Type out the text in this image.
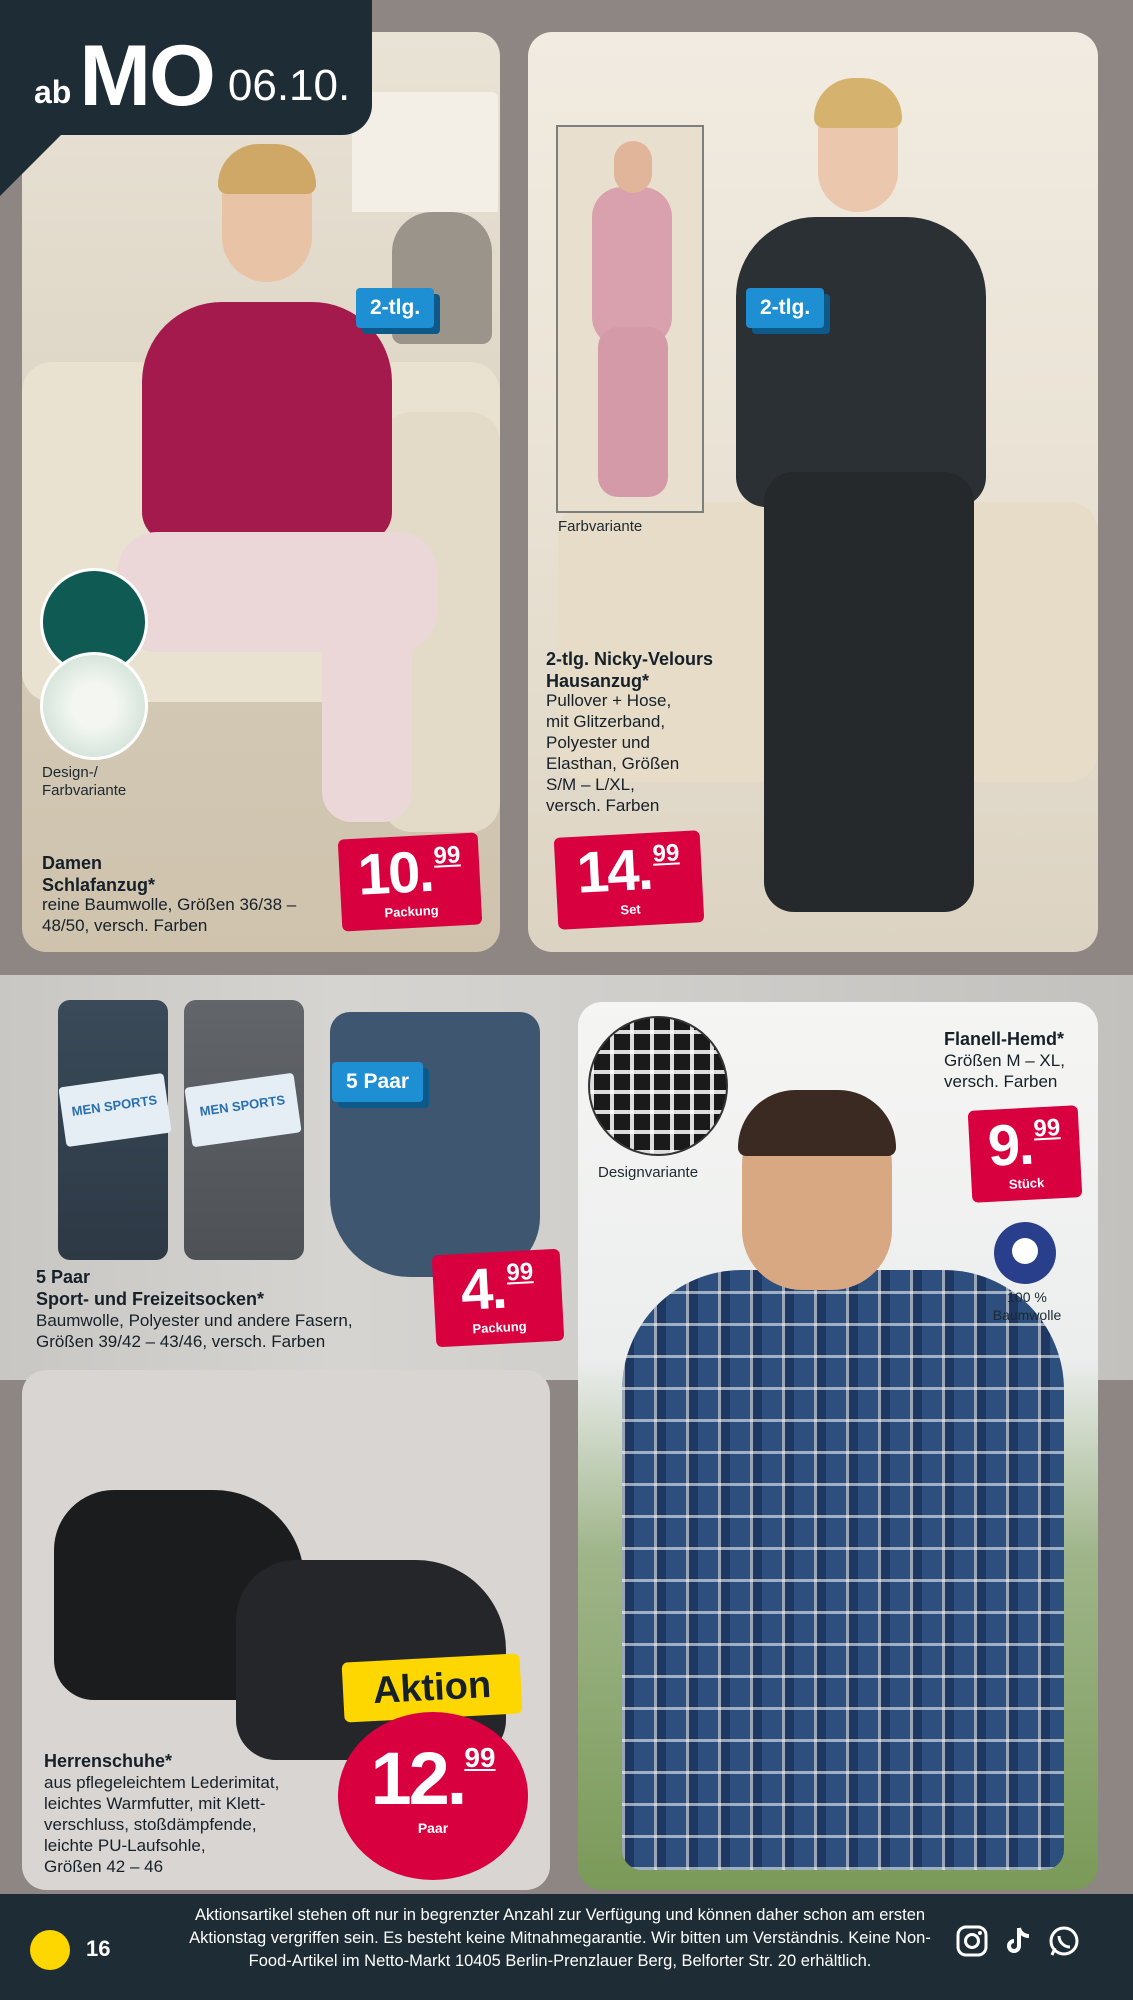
Design-/
Farbvariante
2-tlg.
Damen
Schlafanzug*
reine Baumwolle, Größen 36/38 –
48/50, versch. Farben
10.99
Packung
Farbvariante
2-tlg.
2-tlg. Nicky-Velours
Hausanzug*
Pullover + Hose,
mit Glitzerband,
Polyester und
Elasthan, Größen
S/M – L/XL,
versch. Farben
14.99
Set
MEN SPORTS	MEN SPORTS
5 Paar
5 Paar
Sport- und Freizeitsocken*
Baumwolle, Polyester und andere Fasern,
Größen 39/42 – 43/46, versch. Farben
4.99
Packung
Aktion
12.99
Paar
Herrenschuhe*
aus pflegeleichtem Lederimitat,
leichtes Warmfutter, mit Klett-
verschluss, stoßdämpfende,
leichte PU-Laufsohle,
Größen 42 – 46
Designvariante
Flanell-Hemd*
Größen M – XL,
versch. Farben
9.99
Stück
100 %
Baumwolle
ab MO 06.10.
16
Aktionsartikel stehen oft nur in begrenzter Anzahl zur Verfügung und können daher schon am ersten Aktionstag vergriffen sein. Es besteht keine Mitnahmegarantie. Wir bitten um Verständnis. Keine Non-Food-Artikel im Netto-Markt 10405 Berlin-Prenzlauer Berg, Belforter Str. 20 erhältlich.
